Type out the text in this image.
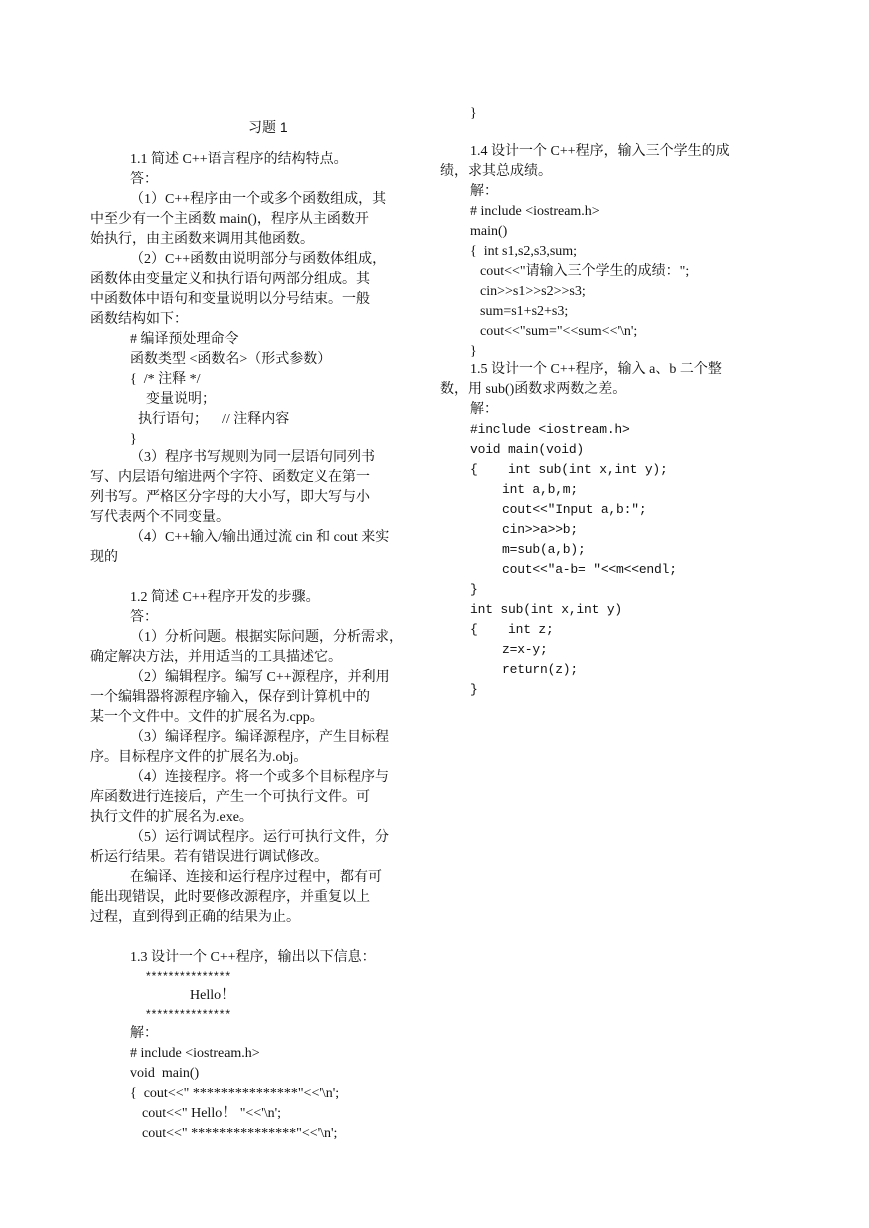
习题 1
1.1 简述 C++语言程序的结构特点。
答：
（1）C++程序由一个或多个函数组成，其
中至少有一个主函数 main()，程序从主函数开
始执行，由主函数来调用其他函数。
（2）C++函数由说明部分与函数体组成，
函数体由变量定义和执行语句两部分组成。其
中函数体中语句和变量说明以分号结束。一般
函数结构如下：
# 编译预处理命令
函数类型 <函数名>（形式参数）
{  /* 注释 */
变量说明；
执行语句；    // 注释内容
}
（3）程序书写规则为同一层语句同列书
写、内层语句缩进两个字符、函数定义在第一
列书写。严格区分字母的大小写，即大写与小
写代表两个不同变量。
（4）C++输入/输出通过流 cin 和 cout 来实
现的
1.2 简述 C++程序开发的步骤。
答：
（1）分析问题。根据实际问题，分析需求，
确定解决方法，并用适当的工具描述它。
（2）编辑程序。编写 C++源程序，并利用
一个编辑器将源程序输入，保存到计算机中的
某一个文件中。文件的扩展名为.cpp。
（3）编译程序。编译源程序，产生目标程
序。目标程序文件的扩展名为.obj。
（4）连接程序。将一个或多个目标程序与
库函数进行连接后，产生一个可执行文件。可
执行文件的扩展名为.exe。
（5）运行调试程序。运行可执行文件，分
析运行结果。若有错误进行调试修改。
在编译、连接和运行程序过程中，都有可
能出现错误，此时要修改源程序，并重复以上
过程，直到得到正确的结果为止。
1.3 设计一个 C++程序，输出以下信息：
***************
Hello！
***************
解：
# include <iostream.h>
void  main()
{  cout<<" ***************"<<'\n';
cout<<" Hello！ "<<'\n';
cout<<" ***************"<<'\n';
}
1.4 设计一个 C++程序，输入三个学生的成
绩，求其总成绩。
解：
# include <iostream.h>
main()
{  int s1,s2,s3,sum;
cout<<"请输入三个学生的成绩：";
cin>>s1>>s2>>s3;
sum=s1+s2+s3;
cout<<"sum="<<sum<<'\n';
}
1.5 设计一个 C++程序，输入 a、b 二个整
数，用 sub()函数求两数之差。
解：
#include <iostream.h>
void main(void)
{    int sub(int x,int y);
int a,b,m;
cout<<"Input a,b:";
cin>>a>>b;
m=sub(a,b);
cout<<"a-b= "<<m<<endl;
}
int sub(int x,int y)
{    int z;
z=x-y;
return(z);
}
